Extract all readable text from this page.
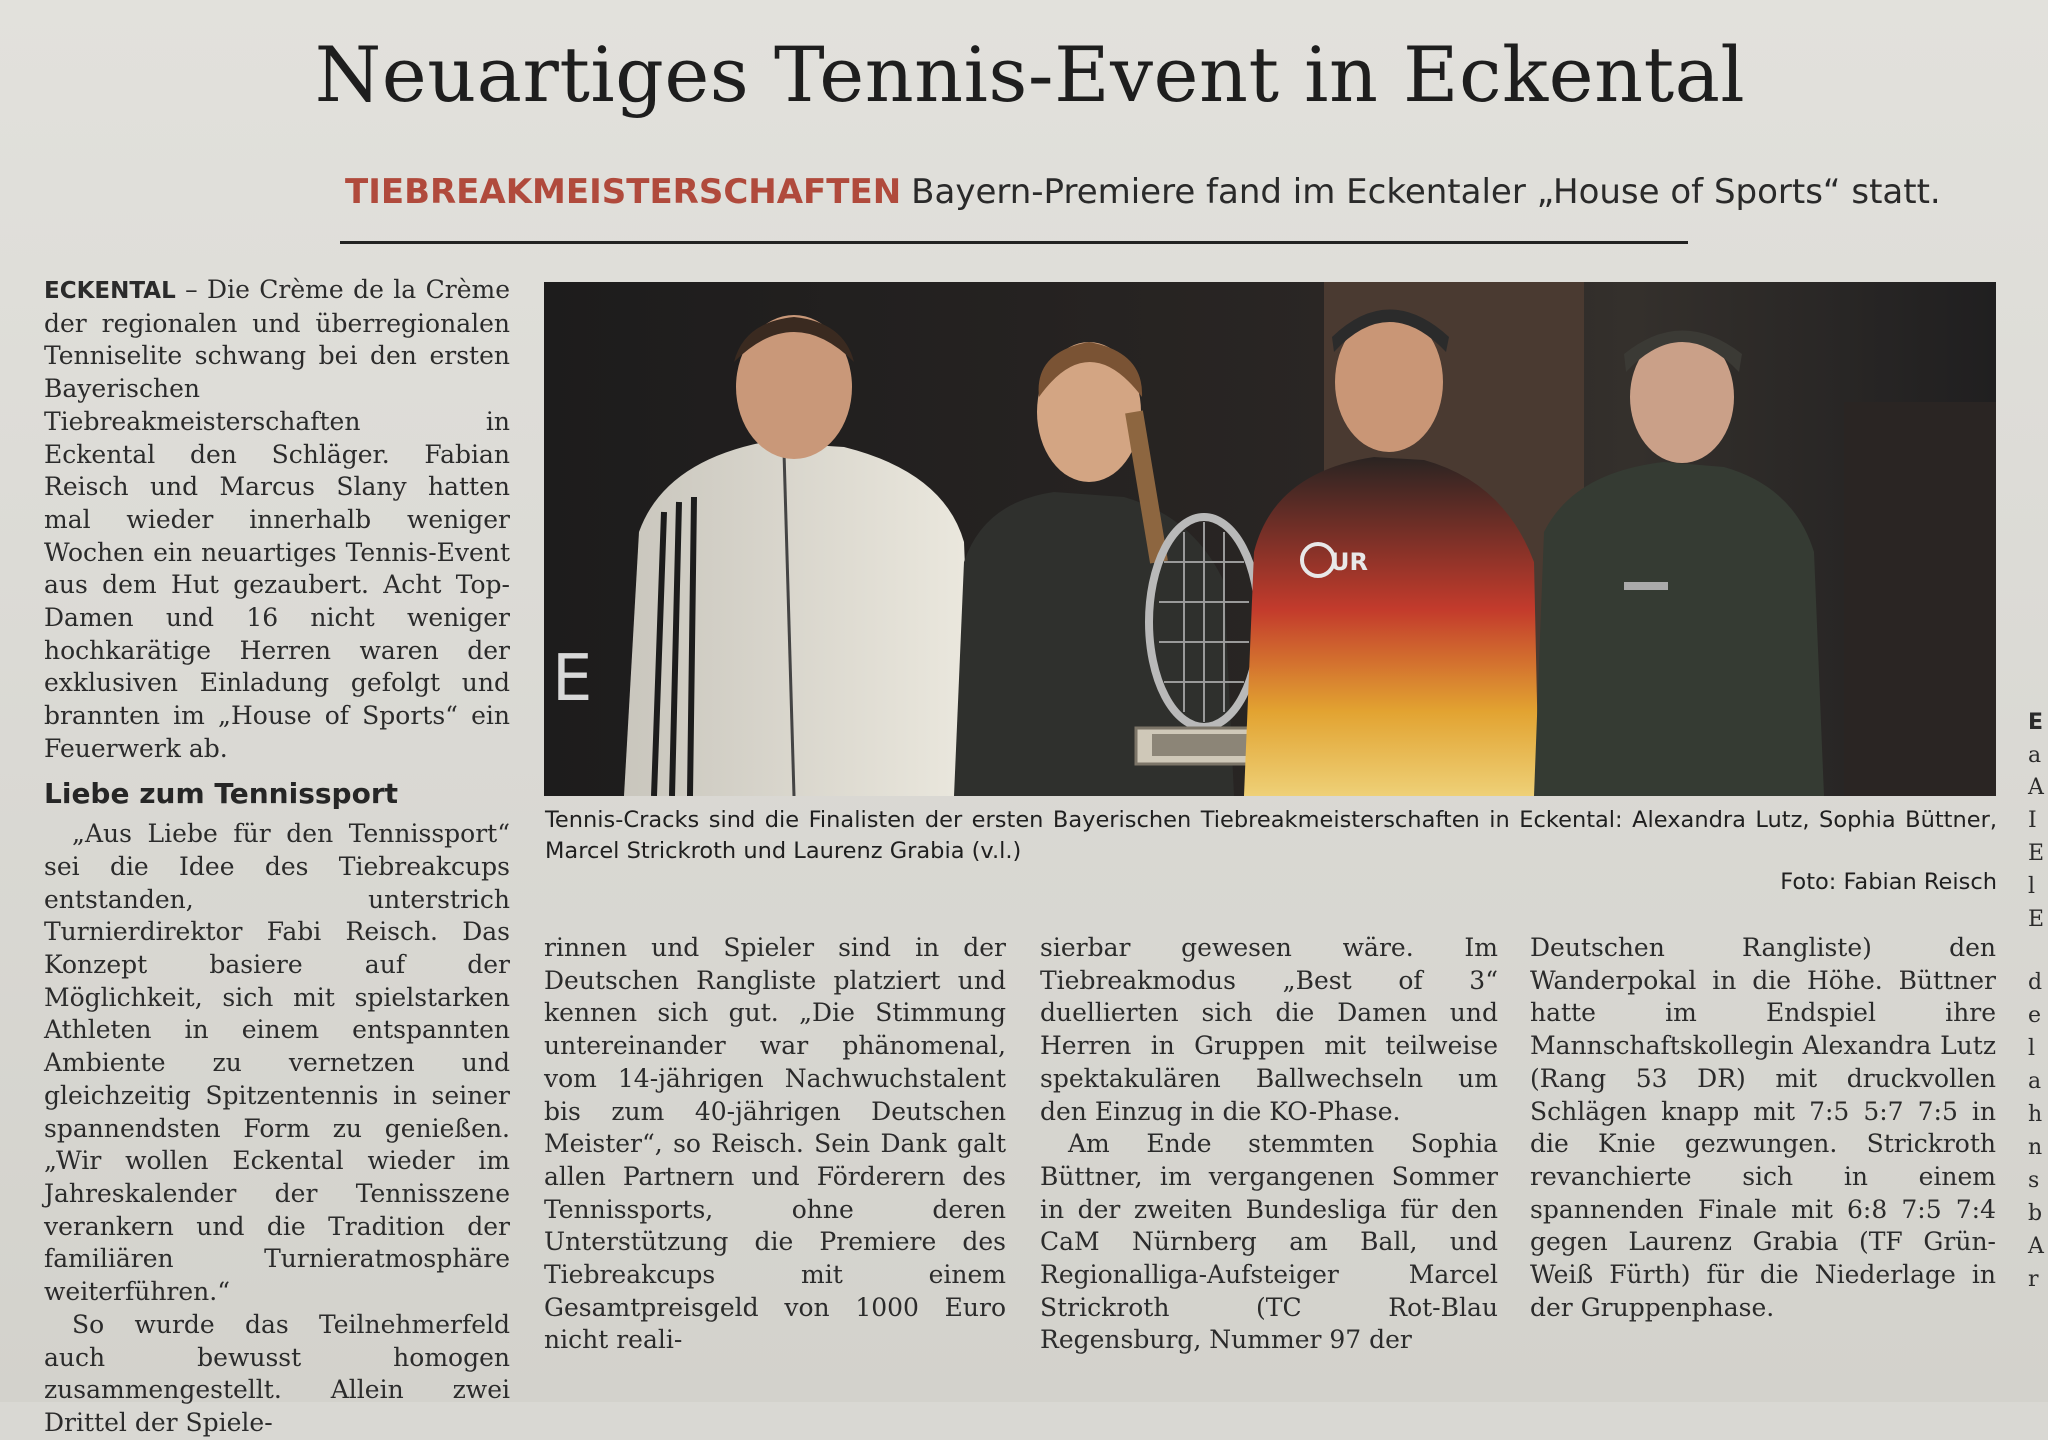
Neuartiges Tennis-Event in Eckental
TIEBREAKMEISTERSCHAFTEN Bayern-Premiere fand im Eckentaler „House of Sports“ statt.

ECKENTAL – Die Crème de la Crème der regionalen und überregionalen Tenniselite schwang bei den ersten Bayerischen Tiebreakmeisterschaften in Eckental den Schläger. Fabian Reisch und Marcus Slany hatten mal wieder innerhalb weniger Wochen ein neuartiges Tennis-Event aus dem Hut gezaubert. Acht Top-Damen und 16 nicht weniger hochkarätige Herren waren der exklusiven Einladung gefolgt und brannten im „House of Sports“ ein Feuerwerk ab.

Liebe zum Tennissport

„Aus Liebe für den Tennissport“ sei die Idee des Tiebreakcups entstanden, unterstrich Turnierdirektor Fabi Reisch. Das Konzept basiere auf der Möglichkeit, sich mit spielstarken Athleten in einem entspannten Ambiente zu vernetzen und gleichzeitig Spitzentennis in seiner spannendsten Form zu genießen. „Wir wollen Eckental wieder im Jahreskalender der Tennisszene verankern und die Tradition der familiären Turnieratmosphäre weiterführen.“

So wurde das Teilnehmerfeld auch bewusst homogen zusammengestellt. Allein zwei Drittel der Spiele-

E
UR
Tennis-Cracks sind die Finalisten der ersten Bayerischen Tiebreakmeisterschaften in Eckental: Alexandra Lutz, Sophia Büttner, Marcel Strickroth und Laurenz Grabia (v.l.)
Foto: Fabian Reisch

rinnen und Spieler sind in der Deutschen Rangliste platziert und kennen sich gut. „Die Stimmung untereinander war phänomenal, vom 14-jährigen Nachwuchstalent bis zum 40-jährigen Deutschen Meister“, so Reisch. Sein Dank galt allen Partnern und Förderern des Tennissports, ohne deren Unterstützung die Premiere des Tiebreakcups mit einem Gesamtpreisgeld von 1000 Euro nicht reali-

sierbar gewesen wäre. Im Tiebreakmodus „Best of 3“ duellierten sich die Damen und Herren in Gruppen mit teilweise spektakulären Ballwechseln um den Einzug in die KO-Phase.

Am Ende stemmten Sophia Büttner, im vergangenen Sommer in der zweiten Bundesliga für den CaM Nürnberg am Ball, und Regionalliga-Aufsteiger Marcel Strickroth (TC Rot-Blau Regensburg, Nummer 97 der

Deutschen Rangliste) den Wanderpokal in die Höhe. Büttner hatte im Endspiel ihre Mannschaftskollegin Alexandra Lutz (Rang 53 DR) mit druckvollen Schlägen knapp mit 7:5 5:7 7:5 in die Knie gezwungen. Strickroth revanchierte sich in einem spannenden Finale mit 6:8 7:5 7:4 gegen Laurenz Grabia (TF Grün-Weiß Fürth) für die Niederlage in der Gruppenphase.

E
a
A
I
E
l
E
d
e
l
a
h
n
s
b
A
r
